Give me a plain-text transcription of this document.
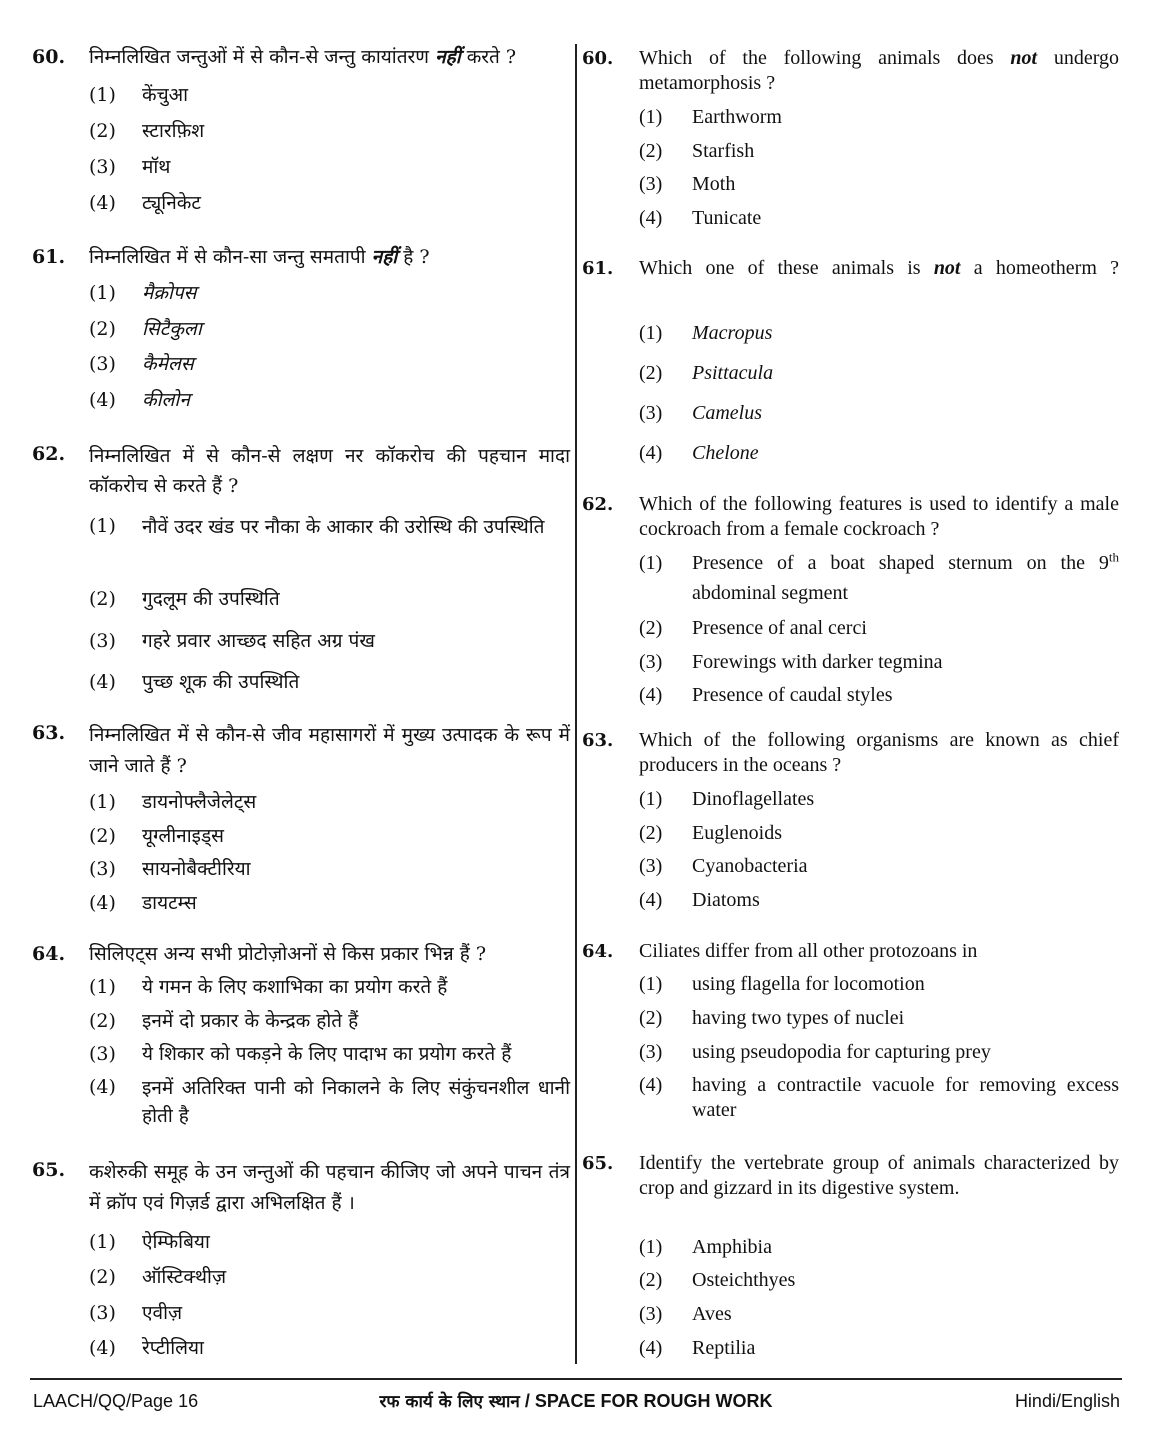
60. निम्नलिखित जन्तुओं में से कौन-से जन्तु कायांतरण नहीं करते ?
(1) केंचुआ
(2) स्टारफ़िश
(3) मॉथ
(4) ट्यूनिकेट
61. निम्नलिखित में से कौन-सा जन्तु समतापी नहीं है ?
(1) मैक्रोपस
(2) सिटैकुला
(3) कैमेलस
(4) कीलोन
62. निम्नलिखित में से कौन-से लक्षण नर कॉकरोच की पहचान मादा कॉकरोच से करते हैं ?
(1) नौवें उदर खंड पर नौका के आकार की उरोस्थि की उपस्थिति
(2) गुदलूम की उपस्थिति
(3) गहरे प्रवार आच्छद सहित अग्र पंख
(4) पुच्छ शूक की उपस्थिति
63. निम्नलिखित में से कौन-से जीव महासागरों में मुख्य उत्पादक के रूप में जाने जाते हैं ?
(1) डायनोफ्लैजेलेट्स
(2) यूग्लीनाइड्स
(3) सायनोबैक्टीरिया
(4) डायटम्स
64. सिलिएट्स अन्य सभी प्रोटोज़ोअनों से किस प्रकार भिन्न हैं ?
(1) ये गमन के लिए कशाभिका का प्रयोग करते हैं
(2) इनमें दो प्रकार के केन्द्रक होते हैं
(3) ये शिकार को पकड़ने के लिए पादाभ का प्रयोग करते हैं
(4) इनमें अतिरिक्त पानी को निकालने के लिए संकुंचनशील धानी होती है
65. कशेरुकी समूह के उन जन्तुओं की पहचान कीजिए जो अपने पाचन तंत्र में क्रॉप एवं गिज़र्ड द्वारा अभिलक्षित हैं ।
(1) ऐम्फिबिया
(2) ऑस्टिक्थीज़
(3) एवीज़
(4) रेप्टीलिया
60. Which of the following animals does not undergo metamorphosis ?
(1) Earthworm
(2) Starfish
(3) Moth
(4) Tunicate
61. Which one of these animals is not a homeotherm ?
(1) Macropus
(2) Psittacula
(3) Camelus
(4) Chelone
62. Which of the following features is used to identify a male cockroach from a female cockroach ?
(1) Presence of a boat shaped sternum on the 9th abdominal segment
(2) Presence of anal cerci
(3) Forewings with darker tegmina
(4) Presence of caudal styles
63. Which of the following organisms are known as chief producers in the oceans ?
(1) Dinoflagellates
(2) Euglenoids
(3) Cyanobacteria
(4) Diatoms
64. Ciliates differ from all other protozoans in
(1) using flagella for locomotion
(2) having two types of nuclei
(3) using pseudopodia for capturing prey
(4) having a contractile vacuole for removing excess water
65. Identify the vertebrate group of animals characterized by crop and gizzard in its digestive system.
(1) Amphibia
(2) Osteichthyes
(3) Aves
(4) Reptilia
LAACH/QQ/Page 16	रफ कार्य के लिए स्थान / SPACE FOR ROUGH WORK	Hindi/English
